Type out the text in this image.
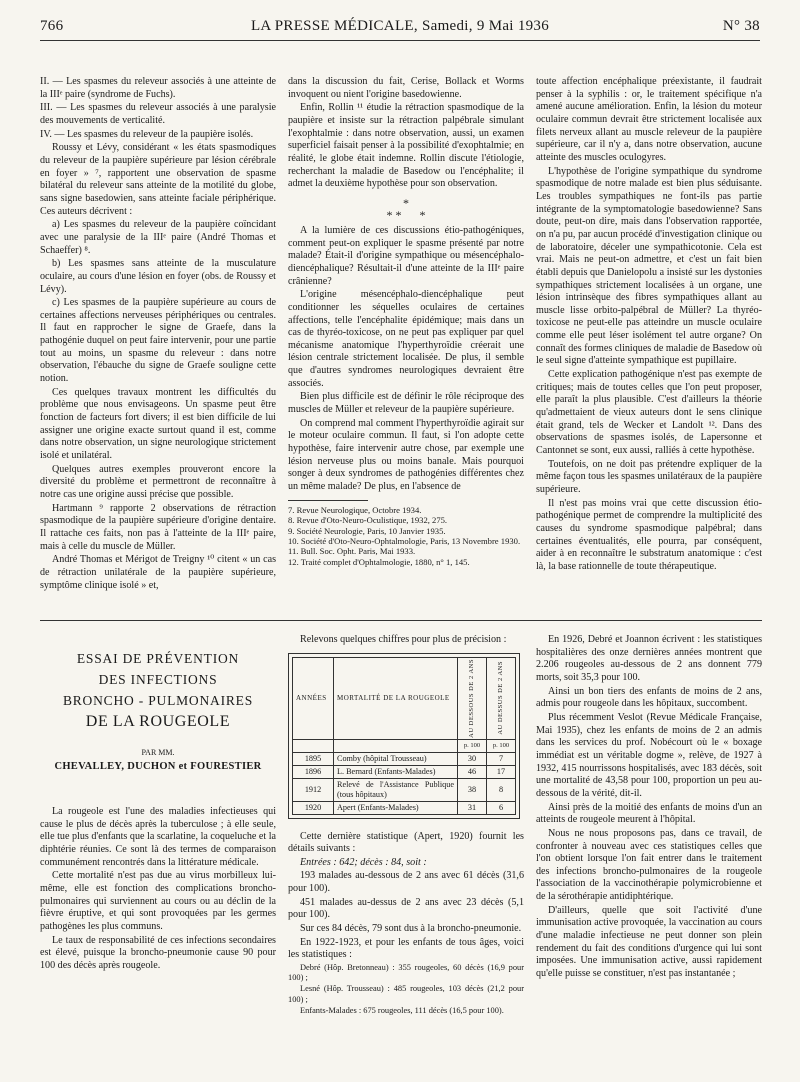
766	LA PRESSE MÉDICALE, Samedi, 9 Mai 1936	N° 38

II. — Les spasmes du releveur associés à une atteinte de la IIIᵉ paire (syndrome de Fuchs).

III. — Les spasmes du releveur associés à une paralysie des mouvements de verticalité.

IV. — Les spasmes du releveur de la paupière isolés.

Roussy et Lévy, considérant « les états spasmodiques du releveur de la paupière supérieure par lésion cérébrale en foyer » ⁷, rapportent une observation de spasme bilatéral du releveur sans atteinte de la motilité du globe, sans signe basedowien, sans atteinte faciale périphérique. Ces auteurs décrivent :

a) Les spasmes du releveur de la paupière coïncidant avec une paralysie de la IIIᵉ paire (André Thomas et Schaeffer) ⁸.

b) Les spasmes sans atteinte de la musculature oculaire, au cours d'une lésion en foyer (obs. de Roussy et Lévy).

c) Les spasmes de la paupière supérieure au cours de certaines affections nerveuses périphériques ou centrales. Il faut en rapprocher le signe de Graefe, dans la pathogénie duquel on peut faire intervenir, pour une partie tout au moins, un spasme du releveur : dans notre observation, l'ébauche du signe de Graefe souligne cette notion.

Ces quelques travaux montrent les difficultés du problème que nous envisageons. Un spasme peut être fonction de facteurs fort divers; il est bien difficile de lui assigner une origine exacte surtout quand il est, comme dans notre observation, un signe neurologique strictement isolé et unilatéral.

Quelques autres exemples prouveront encore la diversité du problème et permettront de reconnaître à notre cas une origine aussi précise que possible.

Hartmann ⁹ rapporte 2 observations de rétraction spasmodique de la paupière supérieure d'origine dentaire. Il rattache ces faits, non pas à l'atteinte de la IIIᵉ paire, mais à celle du muscle de Müller.

André Thomas et Mérigot de Treigny ¹⁰ citent « un cas de rétraction unilatérale de la paupière supérieure, symptôme clinique isolé » et,

dans la discussion du fait, Cerise, Bollack et Worms invoquent ou nient l'origine basedowienne.

Enfin, Rollin ¹¹ étudie la rétraction spasmodique de la paupière et insiste sur la rétraction palpébrale simulant l'exophtalmie : dans notre observation, aussi, un examen superficiel faisait penser à la possibilité d'exophtalmie; en réalité, le globe était indemne. Rollin discute l'étiologie, recherchant la maladie de Basedow ou l'encéphalite; il admet la deuxième hypothèse pour son observation.

*
* *      *

A la lumière de ces discussions étio-pathogéniques, comment peut-on expliquer le spasme présenté par notre malade? Était-il d'origine sympathique ou mésencéphalo-diencéphalique? Résultait-il d'une atteinte de la IIIᵉ paire crânienne?

L'origine mésencéphalo-diencéphalique peut conditionner les séquelles oculaires de certaines affections, telle l'encéphalite épidémique; mais dans un cas de thyréo-toxicose, on ne peut pas expliquer par quel mécanisme anatomique l'hyperthyroïdie créerait une lésion centrale strictement localisée. De plus, il semble que d'autres syndromes neurologiques devraient être associés.

Bien plus difficile est de définir le rôle réciproque des muscles de Müller et releveur de la paupière supérieure.

On comprend mal comment l'hyperthyroïdie agirait sur le moteur oculaire commun. Il faut, si l'on adopte cette hypothèse, faire intervenir autre chose, par exemple une lésion nerveuse plus ou moins banale. Mais pourquoi songer à deux syndromes de pathogénies différentes chez un même malade? De plus, en l'absence de

7. Revue Neurologique, Octobre 1934.
8. Revue d'Oto-Neuro-Oculistique, 1932, 275.
9. Société Neurologie, Paris, 10 Janvier 1935.
10. Société d'Oto-Neuro-Ophtalmologie, Paris, 13 Novembre 1930.
11. Bull. Soc. Opht. Paris, Mai 1933.
12. Traité complet d'Ophtalmologie, 1880, n° 1, 145.

toute affection encéphalique préexistante, il faudrait penser à la syphilis : or, le traitement spécifique n'a amené aucune amélioration. Enfin, la lésion du moteur oculaire commun devrait être strictement localisée aux filets nerveux allant au muscle releveur de la paupière supérieure, car il n'y a, dans notre observation, aucune atteinte des muscles oculogyres.

L'hypothèse de l'origine sympathique du syndrome spasmodique de notre malade est bien plus séduisante. Les troubles sympathiques ne font-ils pas partie intégrante de la symptomatologie basedowienne? Sans doute, peut-on dire, mais dans l'observation rapportée, on n'a pu, par aucun procédé d'investigation clinique ou de laboratoire, déceler une sympathicotonie. Cela est vrai. Mais ne peut-on admettre, et c'est un fait bien établi depuis que Danielopolu a insisté sur les dystonies sympathiques strictement localisées à un organe, une lésion intrinsèque des fibres sympathiques allant au muscle lisse orbito-palpébral de Müller? La thyréo-toxicose ne peut-elle pas atteindre un muscle oculaire comme elle peut léser isolément tel autre organe? On connaît des formes cliniques de maladie de Basedow où le seul signe d'atteinte sympathique est pupillaire.

Cette explication pathogénique n'est pas exempte de critiques; mais de toutes celles que l'on peut proposer, elle paraît la plus plausible. C'est d'ailleurs la théorie qu'admettaient de vieux auteurs dont le sens clinique était grand, tels de Wecker et Landolt ¹². Dans des observations de spasmes isolés, de Lapersonne et Cantonnet se sont, eux aussi, ralliés à cette hypothèse.

Toutefois, on ne doit pas prétendre expliquer de la même façon tous les spasmes unilatéraux de la paupière supérieure.

Il n'est pas moins vrai que cette discussion étio-pathogénique permet de comprendre la multiplicité des causes du syndrome spasmodique palpébral; dans certaines éventualités, elle pourra, par conséquent, aider à en reconnaître le substratum anatomique : c'est là, la base rationnelle de toute thérapeutique.

ESSAI DE PRÉVENTION
DES INFECTIONS
BRONCHO - PULMONAIRES
DE LA ROUGEOLE
PAR MM.
CHEVALLEY, DUCHON et FOURESTIER

La rougeole est l'une des maladies infectieuses qui cause le plus de décès après la tuberculose ; à elle seule, elle tue plus d'enfants que la scarlatine, la coqueluche et la diphtérie réunies. Ce sont là des termes de comparaison communément rencontrés dans la littérature médicale.

Cette mortalité n'est pas due au virus morbilleux lui-même, elle est fonction des complications broncho-pulmonaires qui surviennent au cours ou au déclin de la fièvre éruptive, et qui sont provoquées par les germes pathogènes les plus communs.

Le taux de responsabilité de ces infections secondaires est élevé, puisque la broncho-pneumonie cause 90 pour 100 des décès après rougeole.

Relevons quelques chiffres pour plus de précision :

ANNÉES	MORTALITÉ DE LA ROUGEOLE	AU DESSOUS DE 2 ANS	AU DESSUS DE 2 ANS

		p. 100	p. 100
1895	Comby (hôpital Trousseau)	30	7
1896	L. Bernard (Enfants-Malades)	46	17
1912	Relevé de l'Assistance Publique (tous hôpitaux)	38	8
1920	Apert (Enfants-Malades)	31	6

Cette dernière statistique (Apert, 1920) fournit les détails suivants :

Entrées : 642; décès : 84, soit :

193 malades au-dessous de 2 ans avec 61 décès (31,6 pour 100).

451 malades au-dessus de 2 ans avec 23 décès (5,1 pour 100).

Sur ces 84 décès, 79 sont dus à la broncho-pneumonie.

En 1922-1923, et pour les enfants de tous âges, voici les statistiques :

Debré (Hôp. Bretonneau) : 355 rougeoles, 60 décès (16,9 pour 100) ;

Lesné (Hôp. Trousseau) : 485 rougeoles, 103 décès (21,2 pour 100) ;

Enfants-Malades : 675 rougeoles, 111 décès (16,5 pour 100).

En 1926, Debré et Joannon écrivent : les statistiques hospitalières des onze dernières années montrent que 2.206 rougeoles au-dessous de 2 ans donnent 779 morts, soit 35,3 pour 100.

Ainsi un bon tiers des enfants de moins de 2 ans, admis pour rougeole dans les hôpitaux, succombent.

Plus récemment Veslot (Revue Médicale Française, Mai 1935), chez les enfants de moins de 2 an admis dans les services du prof. Nobécourt où le « boxage immédiat est un véritable dogme », relève, de 1927 à 1932, 415 nourrissons hospitalisés, avec 183 décès, soit une mortalité de 43,58 pour 100, proportion un peu au-dessous de la vérité, dit-il.

Ainsi près de la moitié des enfants de moins d'un an atteints de rougeole meurent à l'hôpital.

Nous ne nous proposons pas, dans ce travail, de confronter à nouveau avec ces statistiques celles que l'on obtient lorsque l'on fait entrer dans le traitement des infections broncho-pulmonaires de la rougeole l'association de la vaccinothérapie polymicrobienne et de la sérothérapie antidiphtérique.

D'ailleurs, quelle que soit l'activité d'une immunisation active provoquée, la vaccination au cours d'une maladie infectieuse ne peut donner son plein rendement du fait des conditions d'urgence qui lui sont imposées. Une immunisation active, aussi rapidement qu'elle puisse se constituer, n'est pas instantanée ;
